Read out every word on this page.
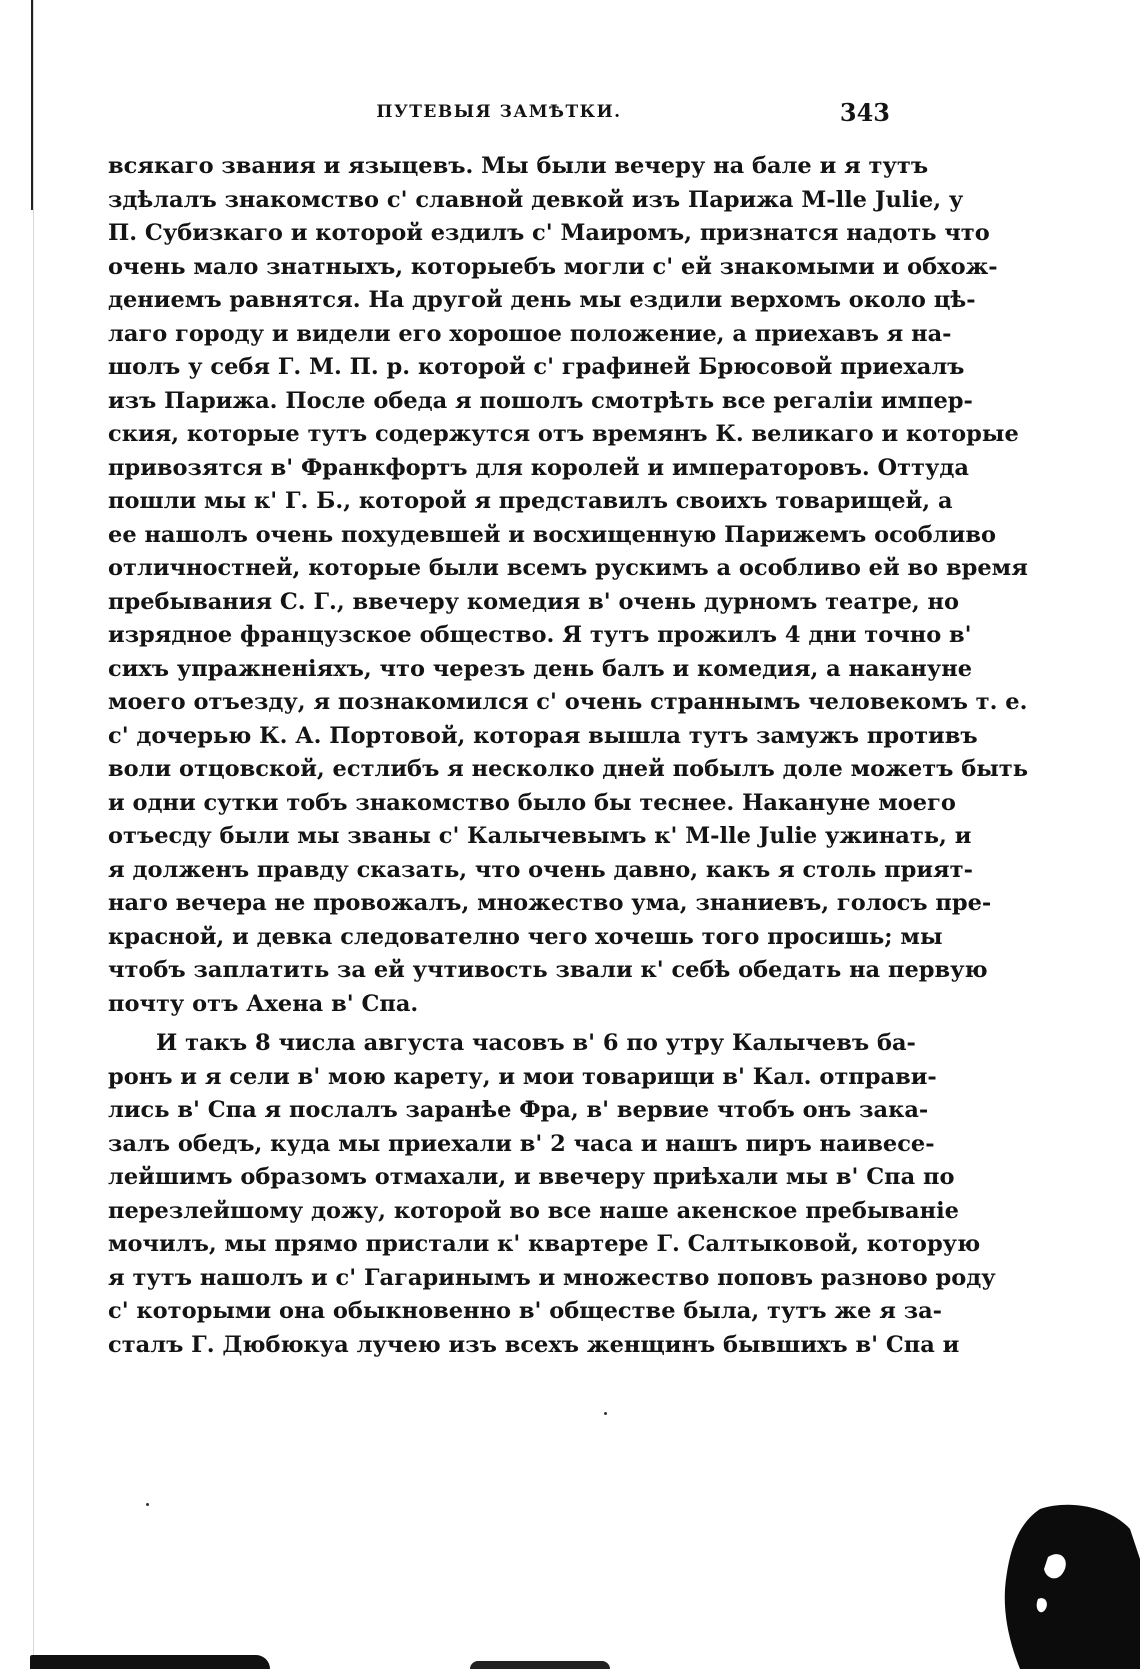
ПУТЕВЫЯ ЗАМѢТКИ.	343

всякаго звания и языцевъ. Мы были вечеру на бале и я тутъ

здѣлалъ знакомство с' славной девкой изъ Парижа M-lle Julie, у

П. Субизкаго и которой ездилъ с' Маиромъ, признатся надоть что

очень мало знатныхъ, которыебъ могли с' ей знакомыми и обхож-

дениемъ равнятся. На другой день мы ездили верхомъ около цѣ-

лаго городу и видели его хорошое положение, а приехавъ я на-

шолъ у себя Г. М. П. р. которой с' графиней Брюсовой приехалъ

изъ Парижа. После обеда я пошолъ смотрѣть все регалiи импер-

ския, которые тутъ содержутся отъ времянъ К. великаго и которые

привозятся в' Франкфортъ для королей и императоровъ. Оттуда

пошли мы к' Г. Б., которой я представилъ своихъ товарищей, а

ее нашолъ очень похудевшей и восхищенную Парижемъ особливо

отличностней, которые были всемъ рускимъ а особливо ей во время

пребывания С. Г., ввечеру комедия в' очень дурномъ театре, но

изрядное французское общество. Я тутъ прожилъ 4 дни точно в'

сихъ упражненiяхъ, что черезъ день балъ и комедия, а накануне

моего отъезду, я познакомился с' очень страннымъ человекомъ т. е.

с' дочерью К. А. Портовой, которая вышла тутъ замужъ противъ

воли отцовской, естлибъ я несколко дней побылъ доле можетъ быть

и одни сутки тобъ знакомство было бы теснее. Накануне моего

отъесду были мы званы с' Калычевымъ к' M-lle Julie ужинать, и

я долженъ правду сказать, что очень давно, какъ я столь прият-

наго вечера не провожалъ, множество ума, знаниевъ, голосъ пре-

красной, и девка следователно чего хочешь того просишь; мы

чтобъ заплатить за ей учтивость звали к' себѣ обедать на первую

почту отъ Ахена в' Спа.

И такъ 8 числа августа часовъ в' 6 по утру Калычевъ ба-

ронъ и я сели в' мою карету, и мои товарищи в' Кал. отправи-

лись в' Спа я послалъ заранѣе Фра, в' вервие чтобъ онъ зака-

залъ обедъ, куда мы приехали в' 2 часа и нашъ пиръ наивесе-

лейшимъ образомъ отмахали, и ввечеру приѣхали мы в' Спа по

перезлейшому дожу, которой во все наше акенское пребыванiе

мочилъ, мы прямо пристали к' квартере Г. Салтыковой, которую

я тутъ нашолъ и с' Гагаринымъ и множество поповъ разново роду

с' которыми она обыкновенно в' обществе была, тутъ же я за-

сталъ Г. Дюбюкуа лучею изъ всехъ женщинъ бывшихъ в' Спа и
